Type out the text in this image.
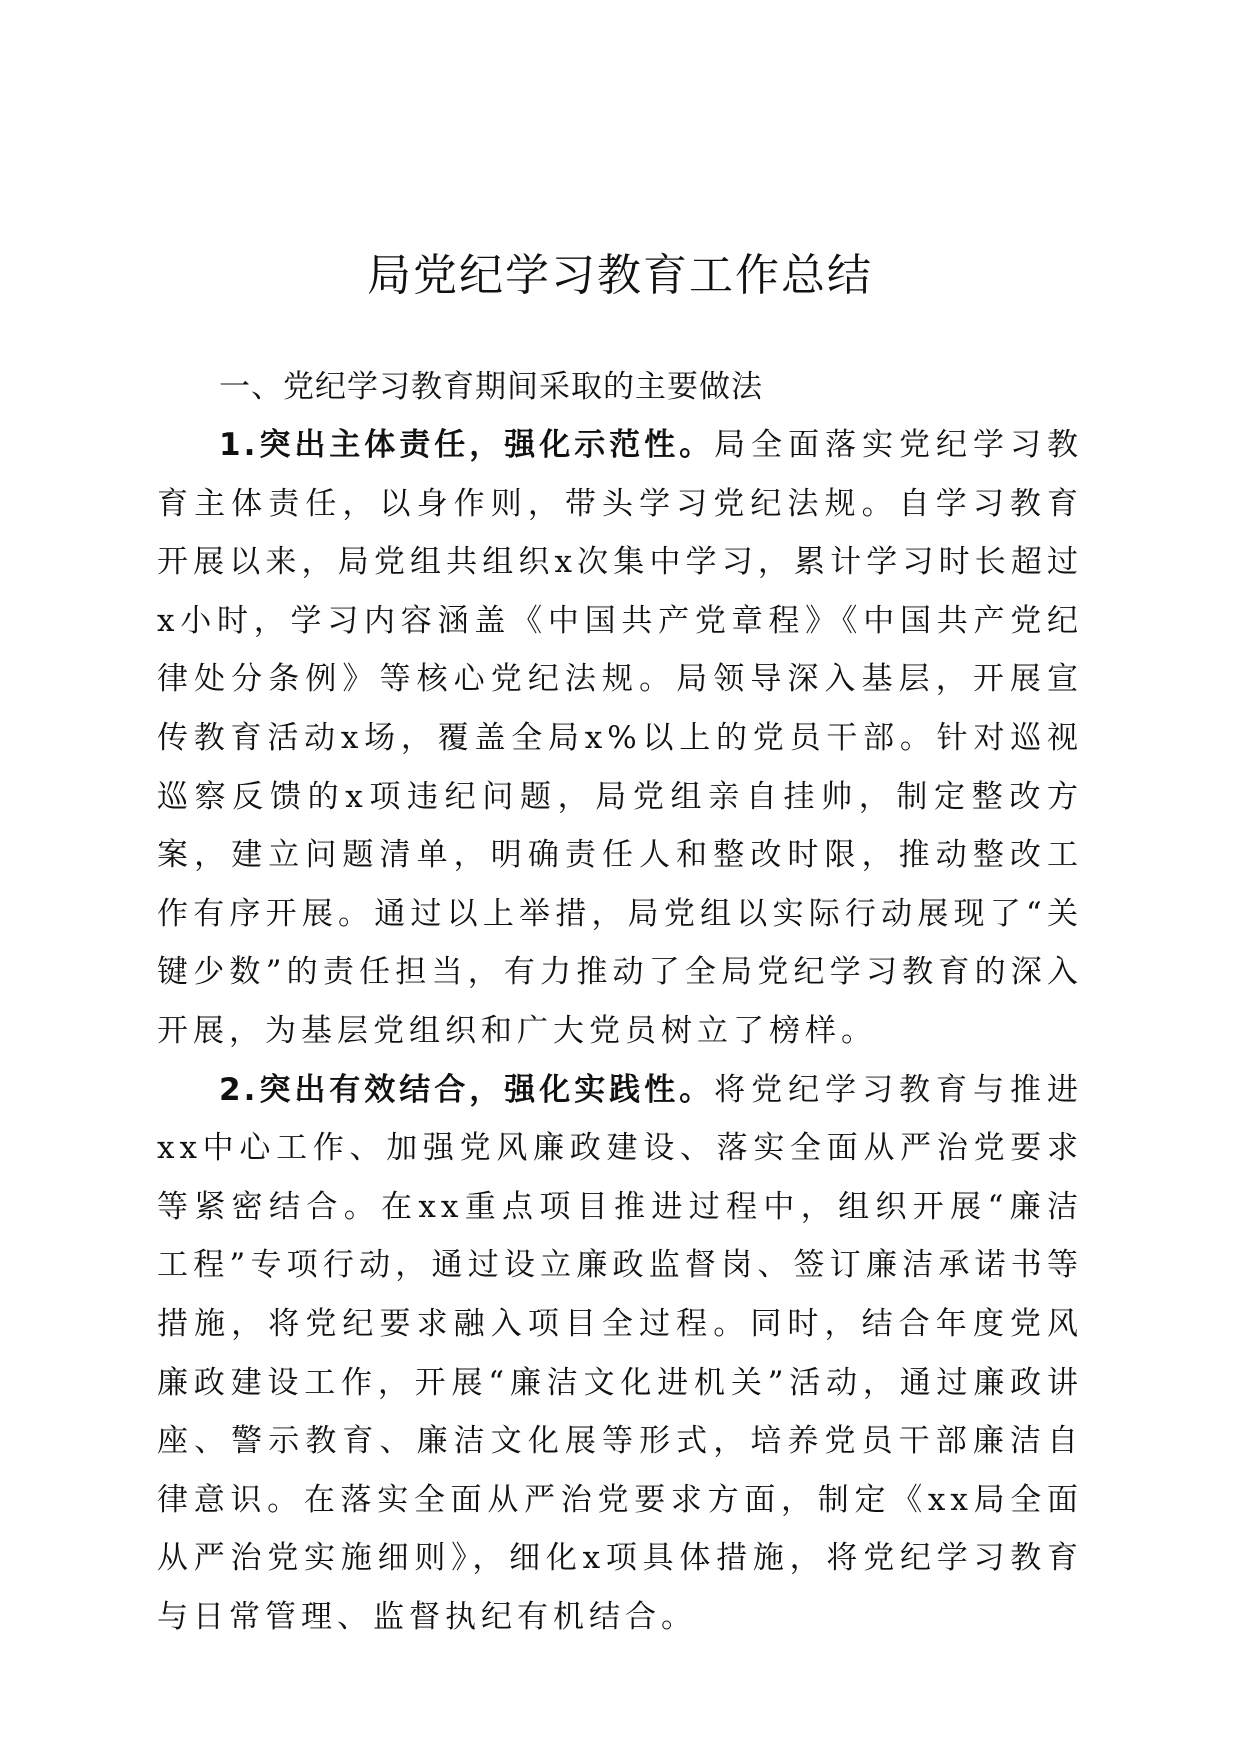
局党纪学习教育工作总结
一、党纪学习教育期间采取的主要做法

1.突出主体责任，强化示范性。局全面落实党纪学习教育主体责任，以身作则，带头学习党纪法规。自学习教育开展以来，局党组共组织x次集中学习，累计学习时长超过x小时，学习内容涵盖《中国共产党章程》《中国共产党纪律处分条例》等核心党纪法规。局领导深入基层，开展宣传教育活动x场，覆盖全局x%以上的党员干部。针对巡视巡察反馈的x项违纪问题，局党组亲自挂帅，制定整改方案，建立问题清单，明确责任人和整改时限，推动整改工作有序开展。通过以上举措，局党组以实际行动展现了“关键少数”的责任担当，有力推动了全局党纪学习教育的深入开展，为基层党组织和广大党员树立了榜样。

2.突出有效结合，强化实践性。将党纪学习教育与推进xx中心工作、加强党风廉政建设、落实全面从严治党要求等紧密结合。在xx重点项目推进过程中，组织开展“廉洁工程”专项行动，通过设立廉政监督岗、签订廉洁承诺书等措施，将党纪要求融入项目全过程。同时，结合年度党风廉政建设工作，开展“廉洁文化进机关”活动，通过廉政讲座、警示教育、廉洁文化展等形式，培养党员干部廉洁自律意识。在落实全面从严治党要求方面，制定《xx局全面从严治党实施细则》，细化x项具体措施，将党纪学习教育与日常管理、监督执纪有机结合。
